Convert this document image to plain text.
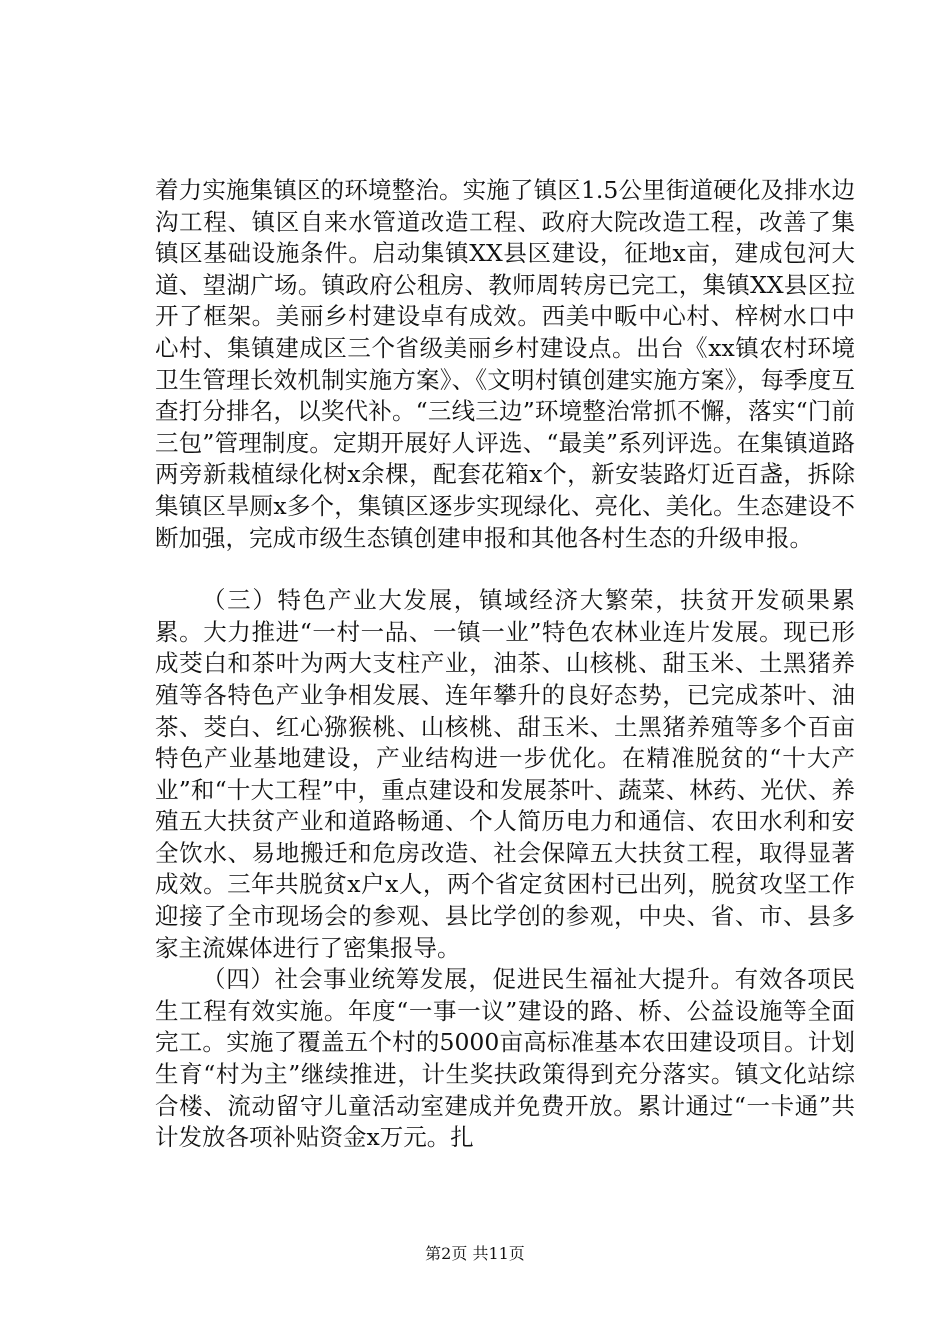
着力实施集镇区的环境整治。实施了镇区1.5公里街道硬化及排水边沟工程、镇区自来水管道改造工程、政府大院改造工程，改善了集镇区基础设施条件。启动集镇XX县区建设，征地x亩，建成包河大道、望湖广场。镇政府公租房、教师周转房已完工，集镇XX县区拉开了框架。美丽乡村建设卓有成效。西美中畈中心村、梓树水口中心村、集镇建成区三个省级美丽乡村建设点。出台《xx镇农村环境卫生管理长效机制实施方案》、《文明村镇创建实施方案》，每季度互查打分排名，以奖代补。“三线三边”环境整治常抓不懈，落实“门前三包”管理制度。定期开展好人评选、“最美”系列评选。在集镇道路两旁新栽植绿化树x余棵，配套花箱x个，新安装路灯近百盏，拆除集镇区旱厕x多个，集镇区逐步实现绿化、亮化、美化。生态建设不断加强，完成市级生态镇创建申报和其他各村生态的升级申报。

（三）特色产业大发展，镇域经济大繁荣，扶贫开发硕果累累。大力推进“一村一品、一镇一业”特色农林业连片发展。现已形成茭白和茶叶为两大支柱产业，油茶、山核桃、甜玉米、土黑猪养殖等各特色产业争相发展、连年攀升的良好态势，已完成茶叶、油茶、茭白、红心猕猴桃、山核桃、甜玉米、土黑猪养殖等多个百亩特色产业基地建设，产业结构进一步优化。在精准脱贫的“十大产业”和“十大工程”中，重点建设和发展茶叶、蔬菜、林药、光伏、养殖五大扶贫产业和道路畅通、个人简历电力和通信、农田水利和安全饮水、易地搬迁和危房改造、社会保障五大扶贫工程，取得显著成效。三年共脱贫x户x人，两个省定贫困村已出列，脱贫攻坚工作迎接了全市现场会的参观、县比学创的参观，中央、省、市、县多家主流媒体进行了密集报导。

（四）社会事业统筹发展，促进民生福祉大提升。有效各项民生工程有效实施。年度“一事一议”建设的路、桥、公益设施等全面完工。实施了覆盖五个村的5000亩高标准基本农田建设项目。计划生育“村为主”继续推进，计生奖扶政策得到充分落实。镇文化站综合楼、流动留守儿童活动室建成并免费开放。累计通过“一卡通”共计发放各项补贴资金x万元。扎

第2页 共11页
